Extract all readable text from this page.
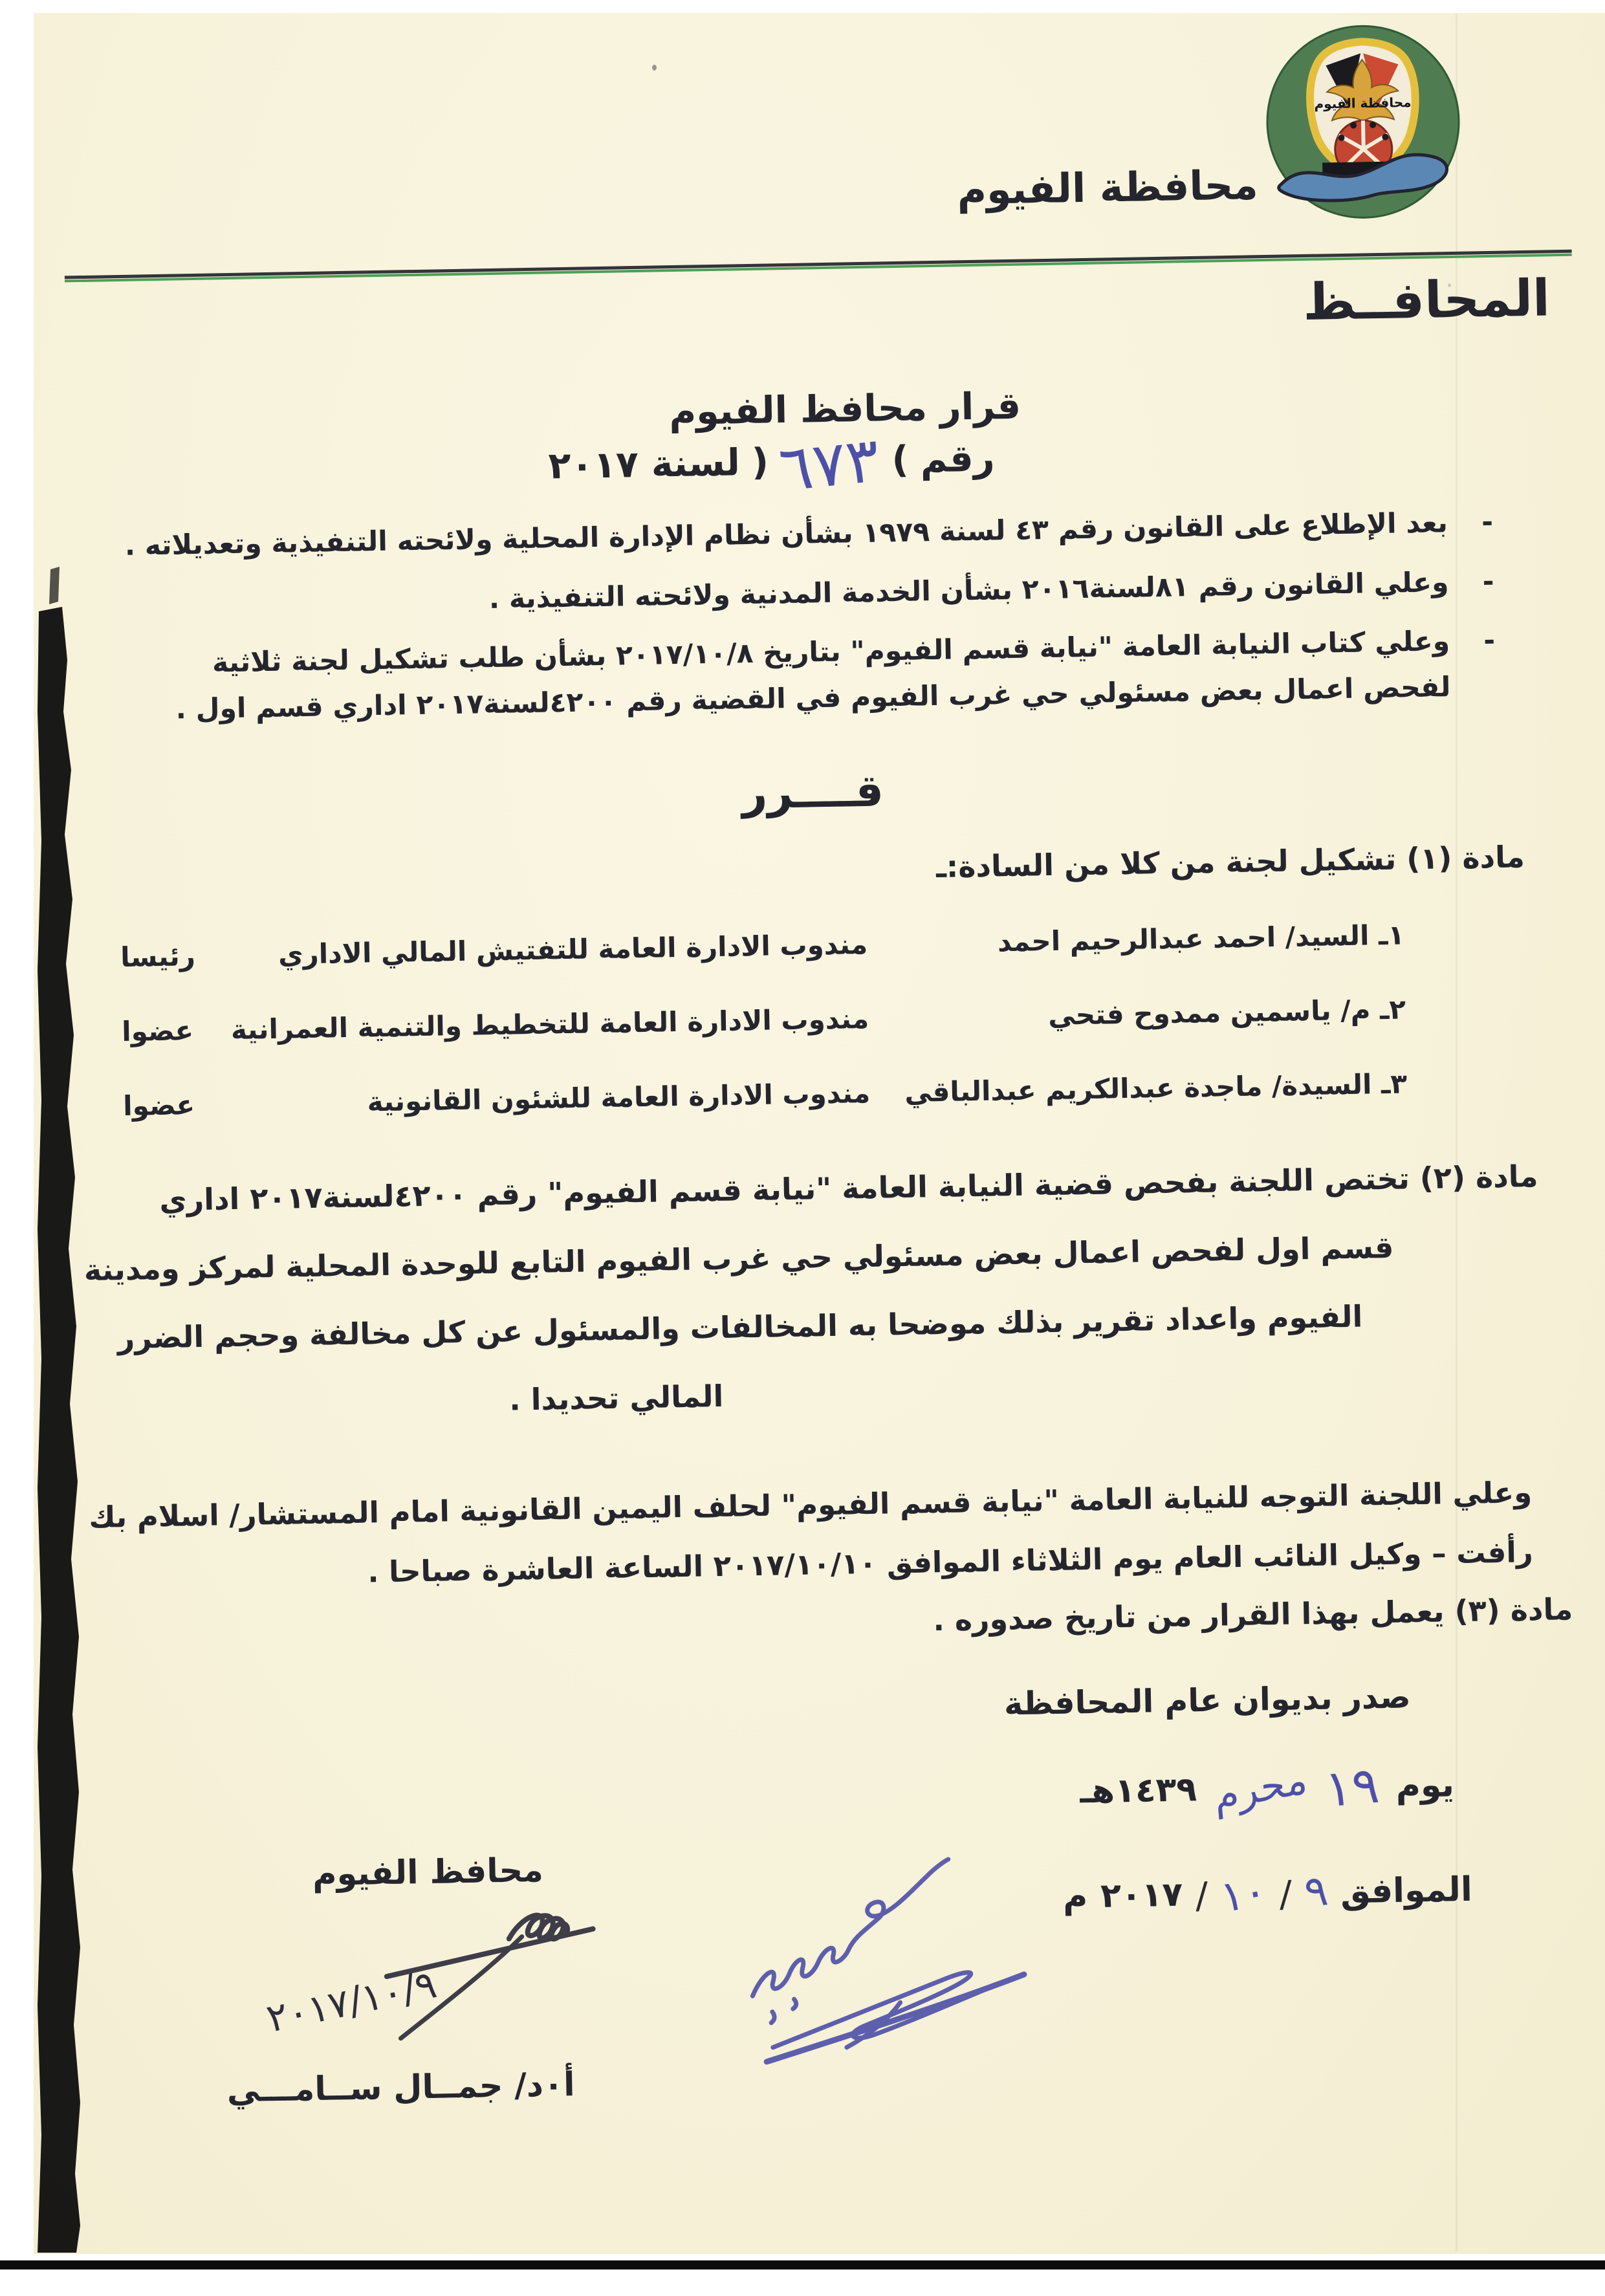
محافظة الفيوم
محافظة الفيوم
المحافــظ
قرار محافظ الفيوم
رقم
(
٦٧٣
)
لسنة ٢٠١٧
-
بعد الإطلاع على القانون رقم ٤٣ لسنة ١٩٧٩ بشأن نظام الإدارة المحلية ولائحته التنفيذية وتعديلاته .
-
وعلي القانون رقم ٨١لسنة٢٠١٦ بشأن الخدمة المدنية ولائحته التنفيذية .
-
وعلي كتاب النيابة العامة "نيابة قسم الفيوم" بتاريخ ٢٠١٧/١٠/٨ بشأن طلب تشكيل لجنة ثلاثية لفحص اعمال بعض مسئولي حي غرب الفيوم في القضية رقم ٤٢٠٠لسنة٢٠١٧ اداري قسم اول .
قــــرر
مادة (١) تشكيل لجنة من كلا من السادة:ـ
١ـ السيد/ احمد عبدالرحيم احمد
مندوب الادارة العامة للتفتيش المالي الاداري
رئيسا
٢ـ م/ ياسمين ممدوح فتحي
مندوب الادارة العامة للتخطيط والتنمية العمرانية
عضوا
٣ـ السيدة/ ماجدة عبدالكريم عبدالباقي
مندوب الادارة العامة للشئون القانونية
عضوا
مادة (٢) تختص اللجنة بفحص قضية النيابة العامة "نيابة قسم الفيوم" رقم ٤٢٠٠لسنة٢٠١٧ اداري
قسم اول لفحص اعمال بعض مسئولي حي غرب الفيوم التابع للوحدة المحلية لمركز ومدينة
الفيوم واعداد تقرير بذلك موضحا به المخالفات والمسئول عن كل مخالفة وحجم الضرر
المالي تحديدا .
وعلي اللجنة التوجه للنيابة العامة "نيابة قسم الفيوم" لحلف اليمين القانونية امام المستشار/ اسلام بك
رأفت – وكيل النائب العام يوم الثلاثاء الموافق ٢٠١٧/١٠/١٠ الساعة العاشرة صباحا .
مادة (٣) يعمل بهذا القرار من تاريخ صدوره .
صدر بديوان عام المحافظة
يوم
١٩
محرم
١٤٣٩هـ
الموافق
٩
/
١٠
/
٢٠١٧
م
محافظ الفيوم
٢٠١٧/١٠/٩
أ٠د/ جمــال ســامـــي
